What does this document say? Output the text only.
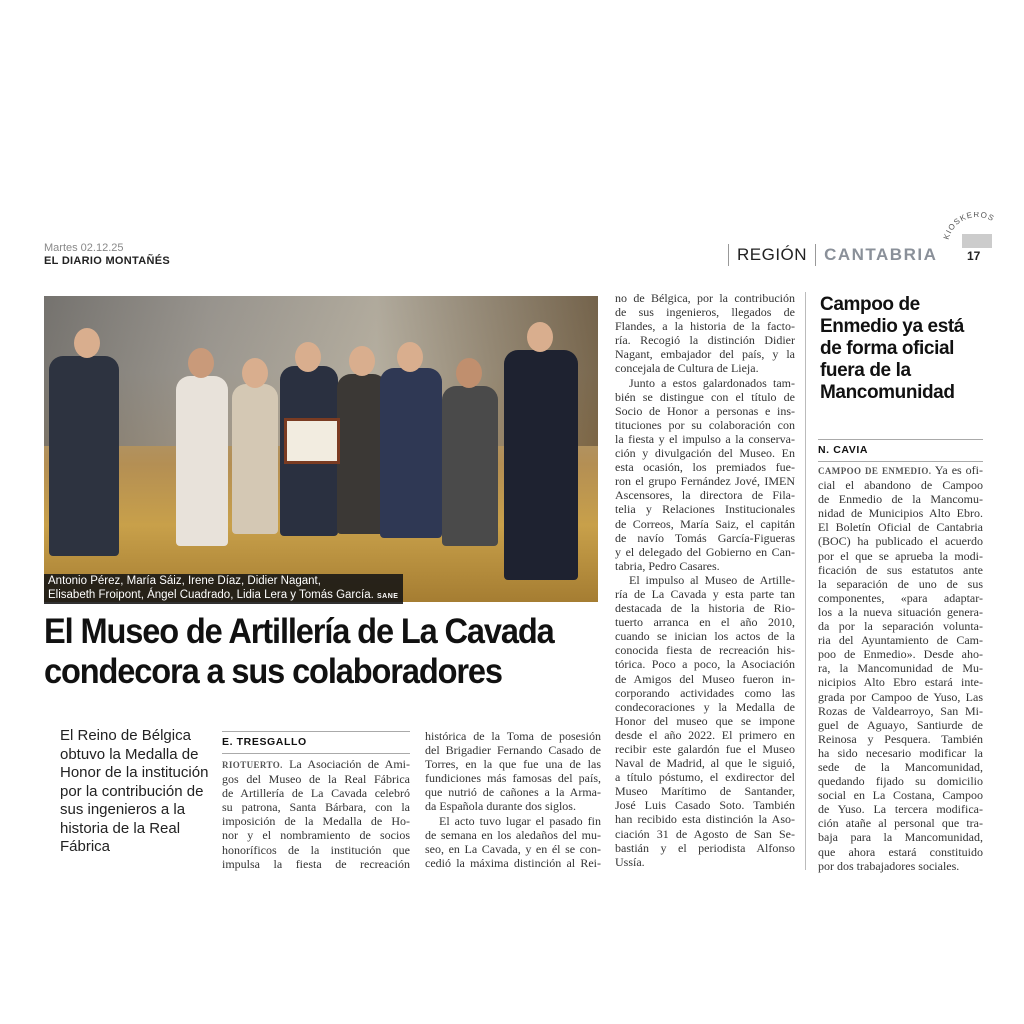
Martes 02.12.25
EL DIARIO MONTAÑÉS	REGIÓN CANTABRIA
KIOSKEROS
17
Antonio Pérez, María Sáiz, Irene Díaz, Didier Nagant,
Elisabeth Froipont, Ángel Cuadrado, Lidia Lera y Tomás García. SANE
El Museo de Artillería de La Cavada
condecora a sus colaboradores
El Reino de Bélgica obtuvo la Medalla de Honor de la institución por la contribución de sus ingenieros a la historia de la Real Fábrica
E. TRESGALLO
RIOTUERTO. La Asociación de Ami-
gos del Museo de la Real Fábrica
de Artillería de La Cavada celebró
su patrona, Santa Bárbara, con la
imposición de la Medalla de Ho-
nor y el nombramiento de socios
honoríficos de la institución que
impulsa la fiesta de recreación
histórica de la Toma de posesión
del Brigadier Fernando Casado de
Torres, en la que fue una de las
fundiciones más famosas del país,
que nutrió de cañones a la Arma-
da Española durante dos siglos.
El acto tuvo lugar el pasado fin
de semana en los aledaños del mu-
seo, en La Cavada, y en él se con-
cedió la máxima distinción al Rei-
no de Bélgica, por la contribución
de sus ingenieros, llegados de
Flandes, a la historia de la facto-
ría. Recogió la distinción Didier
Nagant, embajador del país, y la
concejala de Cultura de Lieja.
Junto a estos galardonados tam-
bién se distingue con el título de
Socio de Honor a personas e ins-
tituciones por su colaboración con
la fiesta y el impulso a la conserva-
ción y divulgación del Museo. En
esta ocasión, los premiados fue-
ron el grupo Fernández Jové, IMEN
Ascensores, la directora de Fila-
telia y Relaciones Institucionales
de Correos, María Saiz, el capitán
de navío Tomás García-Figueras
y el delegado del Gobierno en Can-
tabria, Pedro Casares.
El impulso al Museo de Artille-
ría de La Cavada y esta parte tan
destacada de la historia de Rio-
tuerto arranca en el año 2010,
cuando se inician los actos de la
conocida fiesta de recreación his-
tórica. Poco a poco, la Asociación
de Amigos del Museo fueron in-
corporando actividades como las
condecoraciones y la Medalla de
Honor del museo que se impone
desde el año 2022. El primero en
recibir este galardón fue el Museo
Naval de Madrid, al que le siguió,
a título póstumo, el exdirector del
Museo Marítimo de Santander,
José Luis Casado Soto. También
han recibido esta distinción la Aso-
ciación 31 de Agosto de San Se-
bastián y el periodista Alfonso
Ussía.
Campoo de Enmedio ya está de forma oficial fuera de la Mancomunidad
N. CAVIA
CAMPOO DE ENMEDIO. Ya es ofi-
cial el abandono de Campoo
de Enmedio de la Mancomu-
nidad de Municipios Alto Ebro.
El Boletín Oficial de Cantabria
(BOC) ha publicado el acuerdo
por el que se aprueba la modi-
ficación de sus estatutos ante
la separación de uno de sus
componentes, «para adaptar-
los a la nueva situación genera-
da por la separación volunta-
ria del Ayuntamiento de Cam-
poo de Enmedio». Desde aho-
ra, la Mancomunidad de Mu-
nicipios Alto Ebro estará inte-
grada por Campoo de Yuso, Las
Rozas de Valdearroyo, San Mi-
guel de Aguayo, Santiurde de
Reinosa y Pesquera. También
ha sido necesario modificar la
sede de la Mancomunidad,
quedando fijado su domicilio
social en La Costana, Campoo
de Yuso. La tercera modifica-
ción atañe al personal que tra-
baja para la Mancomunidad,
que ahora estará constituido
por dos trabajadores sociales.
